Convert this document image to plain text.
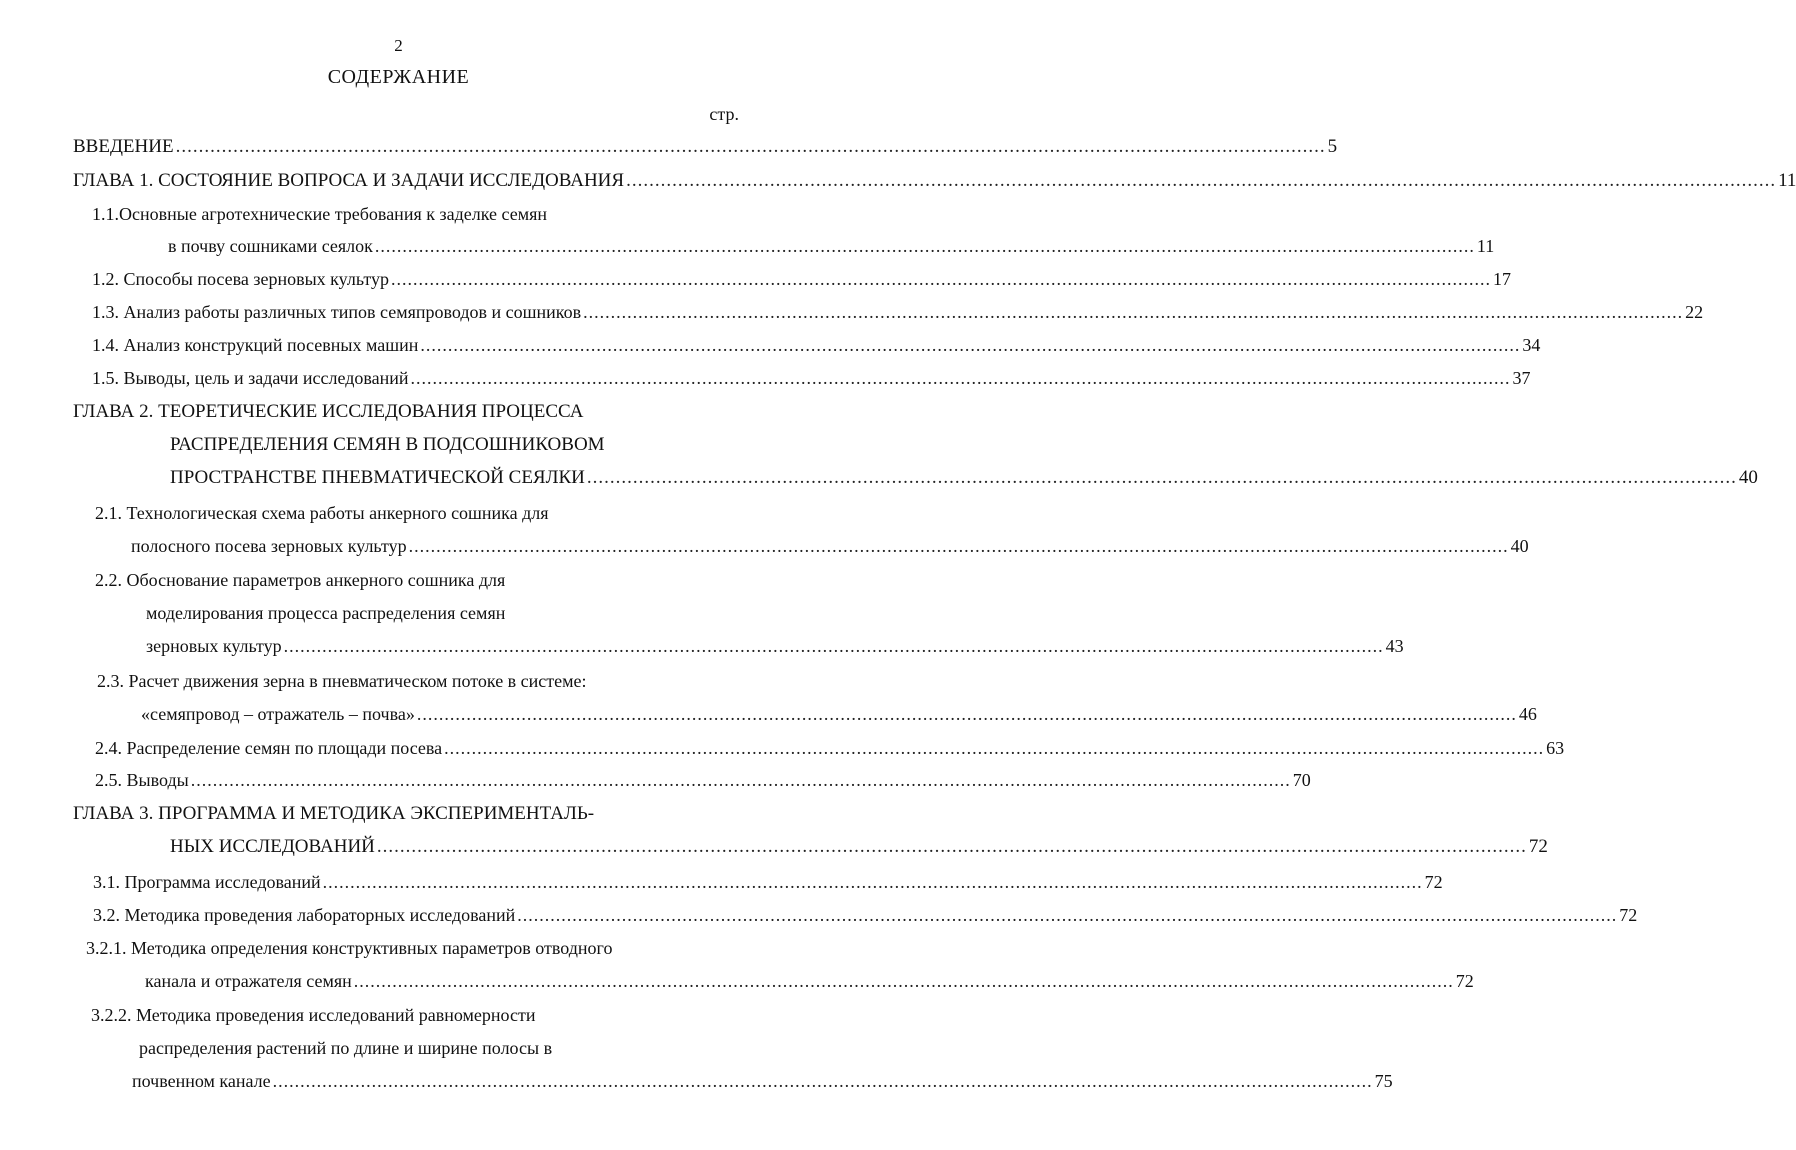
2
СОДЕРЖАНИЕ
стр.
ВВЕДЕНИЕ ........................................................................................................................................................................................................ 5
ГЛАВА 1. СОСТОЯНИЕ ВОПРОСА И ЗАДАЧИ ИССЛЕДОВАНИЯ ........................................................................................................................................................................................................ 11
1.1.Основные агротехнические требования к заделке семян
в почву сошниками сеялок ........................................................................................................................................................................................................ 11
1.2. Способы посева зерновых культур ........................................................................................................................................................................................................ 17
1.3. Анализ работы различных типов семяпроводов и сошников ........................................................................................................................................................................................................ 22
1.4. Анализ конструкций посевных машин ........................................................................................................................................................................................................ 34
1.5. Выводы, цель и задачи исследований ........................................................................................................................................................................................................ 37
ГЛАВА 2. ТЕОРЕТИЧЕСКИЕ ИССЛЕДОВАНИЯ ПРОЦЕССА
РАСПРЕДЕЛЕНИЯ СЕМЯН В ПОДСОШНИКОВОМ
ПРОСТРАНСТВЕ ПНЕВМАТИЧЕСКОЙ СЕЯЛКИ ........................................................................................................................................................................................................ 40
2.1. Технологическая схема работы анкерного сошника для
полосного посева зерновых культур ........................................................................................................................................................................................................ 40
2.2. Обоснование параметров анкерного сошника для
моделирования процесса распределения семян
зерновых культур ........................................................................................................................................................................................................ 43
2.3. Расчет движения зерна в пневматическом потоке в системе:
«семяпровод – отражатель – почва» ........................................................................................................................................................................................................ 46
2.4. Распределение семян по площади посева ........................................................................................................................................................................................................ 63
2.5. Выводы ........................................................................................................................................................................................................ 70
ГЛАВА 3. ПРОГРАММА И МЕТОДИКА ЭКСПЕРИМЕНТАЛЬ-
НЫХ ИССЛЕДОВАНИЙ ........................................................................................................................................................................................................ 72
3.1. Программа исследований ........................................................................................................................................................................................................ 72
3.2. Методика проведения лабораторных исследований ........................................................................................................................................................................................................ 72
3.2.1. Методика определения конструктивных параметров отводного
канала и отражателя семян ........................................................................................................................................................................................................ 72
3.2.2. Методика проведения исследований равномерности
распределения растений по длине и ширине полосы в
почвенном канале ........................................................................................................................................................................................................ 75
